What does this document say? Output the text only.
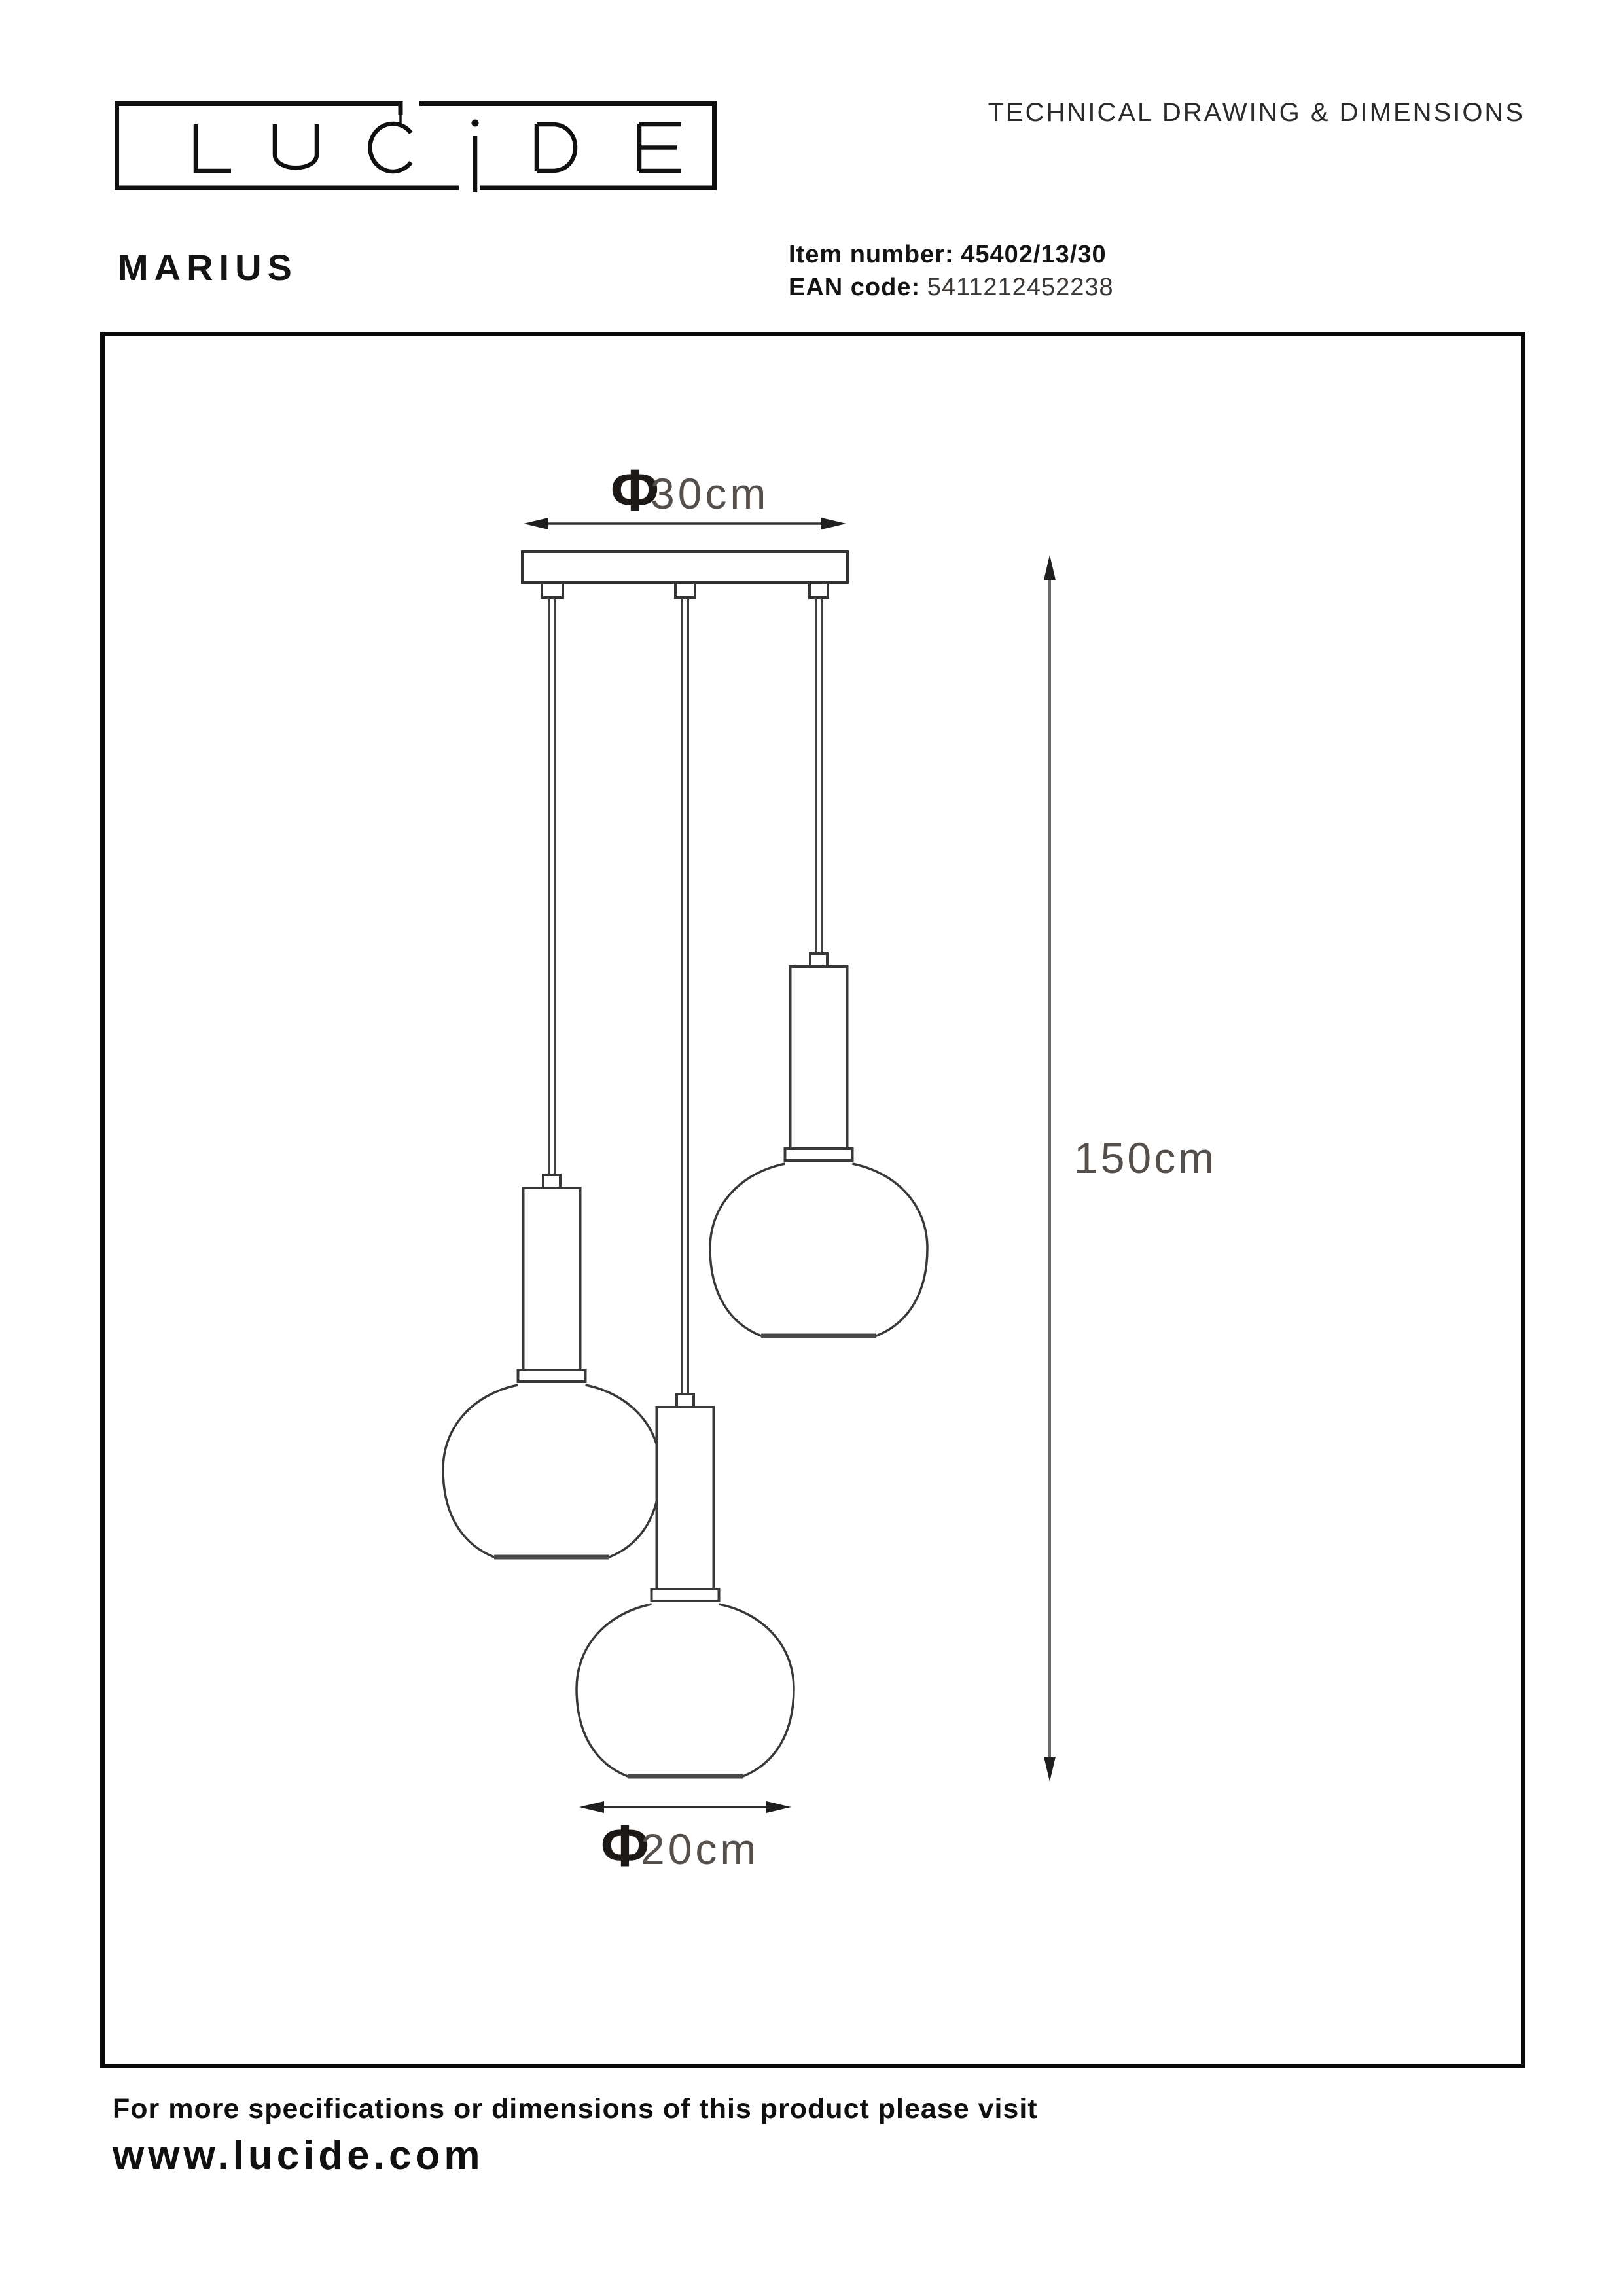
TECHNICAL DRAWING & DIMENSIONS
MARIUS	Item number: 45402/13/30
EAN code: 5411212452238
Φ
30cm
150cm
Φ
20cm
For more specifications or dimensions of this product please visit
www.lucide.com
